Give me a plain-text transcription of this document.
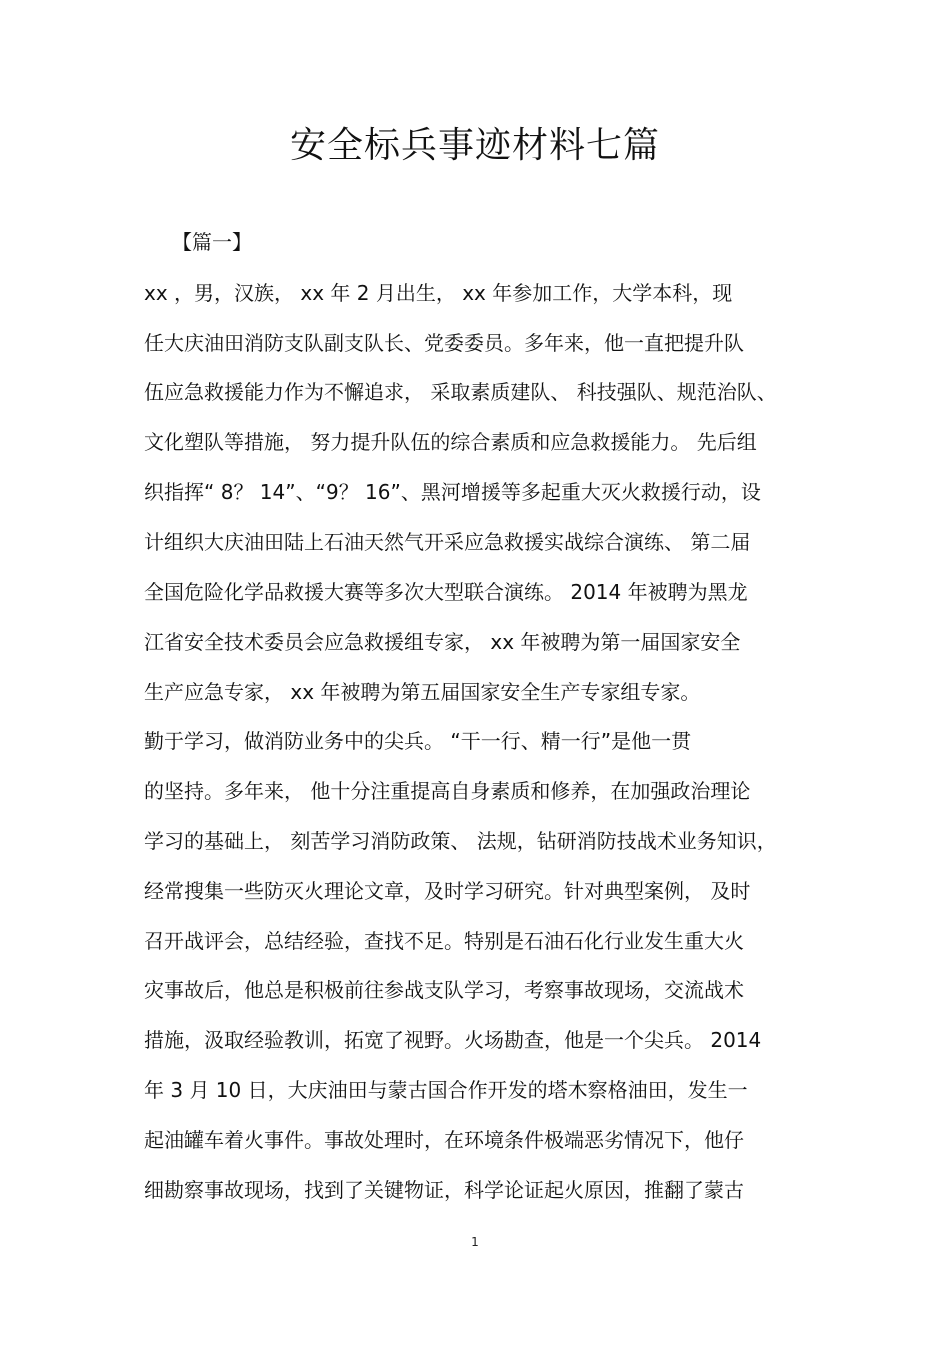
安全标兵事迹材料七篇
【篇一】
xx ，男，汉族， xx 年 2 月出生， xx 年参加工作，大学本科，现
任大庆油田消防支队副支队长、党委委员。多年来，他一直把提升队
伍应急救援能力作为不懈追求， 采取素质建队、 科技强队、规范治队、
文化塑队等措施， 努力提升队伍的综合素质和应急救援能力。 先后组
织指挥“ 8？ 14”、“9？ 16”、黑河增援等多起重大灭火救援行动，设
计组织大庆油田陆上石油天然气开采应急救援实战综合演练、 第二届
全国危险化学品救援大赛等多次大型联合演练。 2014 年被聘为黑龙
江省安全技术委员会应急救援组专家， xx 年被聘为第一届国家安全
生产应急专家， xx 年被聘为第五届国家安全生产专家组专家。
勤于学习，做消防业务中的尖兵。 “干一行、精一行”是他一贯
的坚持。多年来， 他十分注重提高自身素质和修养，在加强政治理论
学习的基础上， 刻苦学习消防政策、 法规，钻研消防技战术业务知识，
经常搜集一些防灭火理论文章，及时学习研究。针对典型案例， 及时
召开战评会，总结经验，查找不足。特别是石油石化行业发生重大火
灾事故后，他总是积极前往参战支队学习，考察事故现场，交流战术
措施，汲取经验教训，拓宽了视野。火场勘查，他是一个尖兵。 2014
年 3 月 10 日，大庆油田与蒙古国合作开发的塔木察格油田，发生一
起油罐车着火事件。事故处理时，在环境条件极端恶劣情况下，他仔
细勘察事故现场，找到了关键物证，科学论证起火原因，推翻了蒙古
1
